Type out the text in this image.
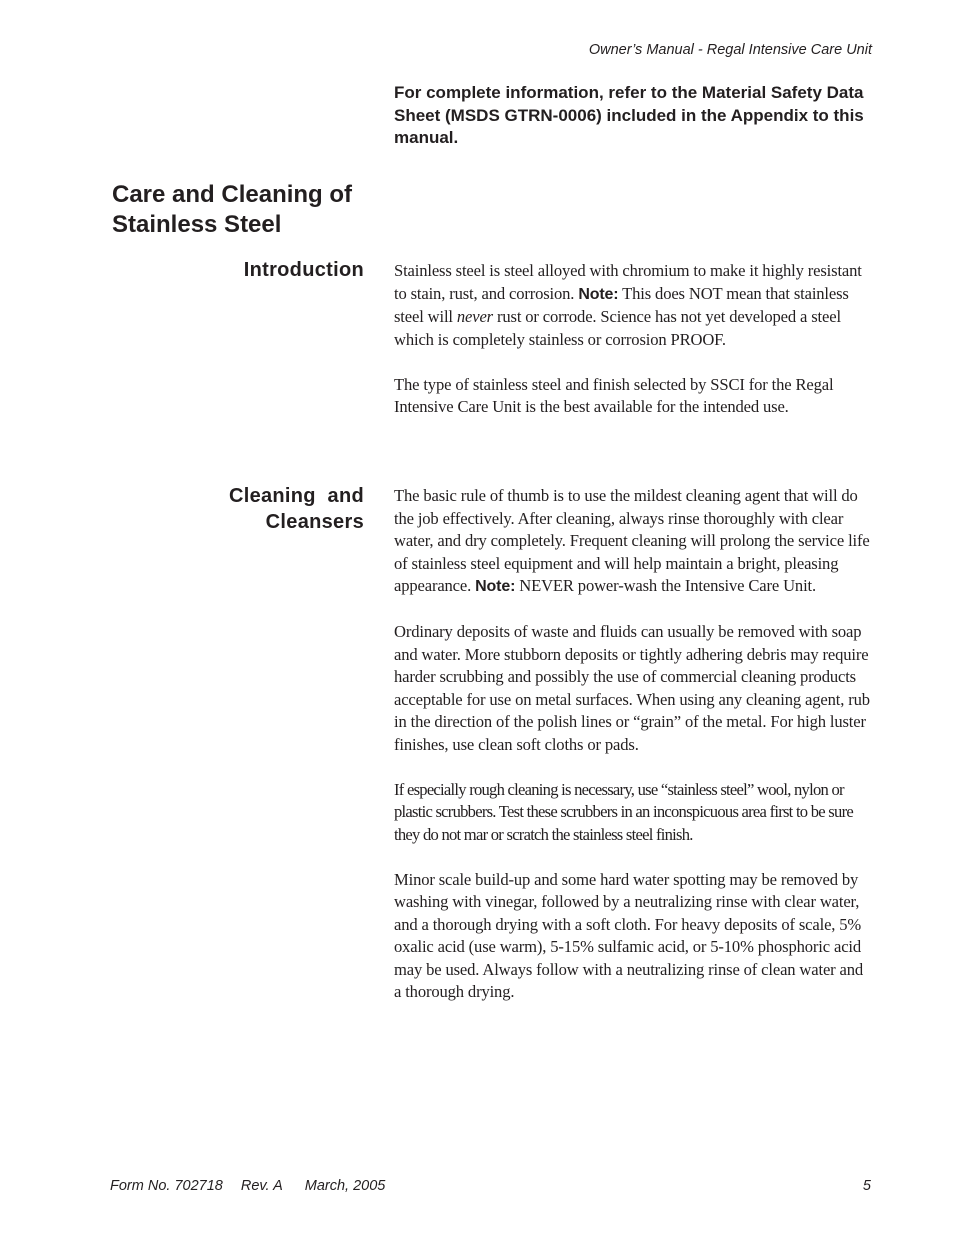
Owner’s Manual - Regal Intensive Care Unit
For complete information, refer to the Material Safety Data Sheet (MSDS GTRN-0006) included in the Appendix to this manual.
Care and Cleaning of
Stainless Steel
Introduction Stainless steel is steel alloyed with chromium to make it highly resistant to stain, rust, and corrosion. Note: This does NOT mean that stainless steel will never rust or corrode. Science has not yet developed a steel which is completely stainless or corrosion PROOF.

The type of stainless steel and finish selected by SSCI for the Regal Intensive Care Unit is the best available for the intended use.

Cleaning  and
Cleansers

The basic rule of thumb is to use the mildest cleaning agent that will do the job effectively. After cleaning, always rinse thoroughly with clear water, and dry completely. Frequent cleaning will prolong the service life of stainless steel equipment and will help maintain a bright, pleasing appearance. Note: NEVER power-wash the Intensive Care Unit.

Ordinary deposits of waste and fluids can usually be removed with soap and water. More stubborn deposits or tightly adhering debris may require harder scrubbing and possibly the use of commercial cleaning products acceptable for use on metal surfaces. When using any cleaning agent, rub in the direction of the polish lines or “grain” of the metal. For high luster finishes, use clean soft cloths or pads.

If especially rough cleaning is necessary, use “stainless steel” wool, nylon or plastic scrubbers. Test these scrubbers in an inconspicuous area first to be sure they do not mar or scratch the stainless steel finish.

Minor scale build-up and some hard water spotting may be removed by washing with vinegar, followed by a neutralizing rinse with clear water, and a thorough drying with a soft cloth. For heavy deposits of scale, 5% oxalic acid (use warm), 5-15% sulfamic acid, or 5-10% phosphoric acid may be used. Always follow with a neutralizing rinse of clean water and a thorough drying.

Form No. 702718 Rev. A March, 2005	5
